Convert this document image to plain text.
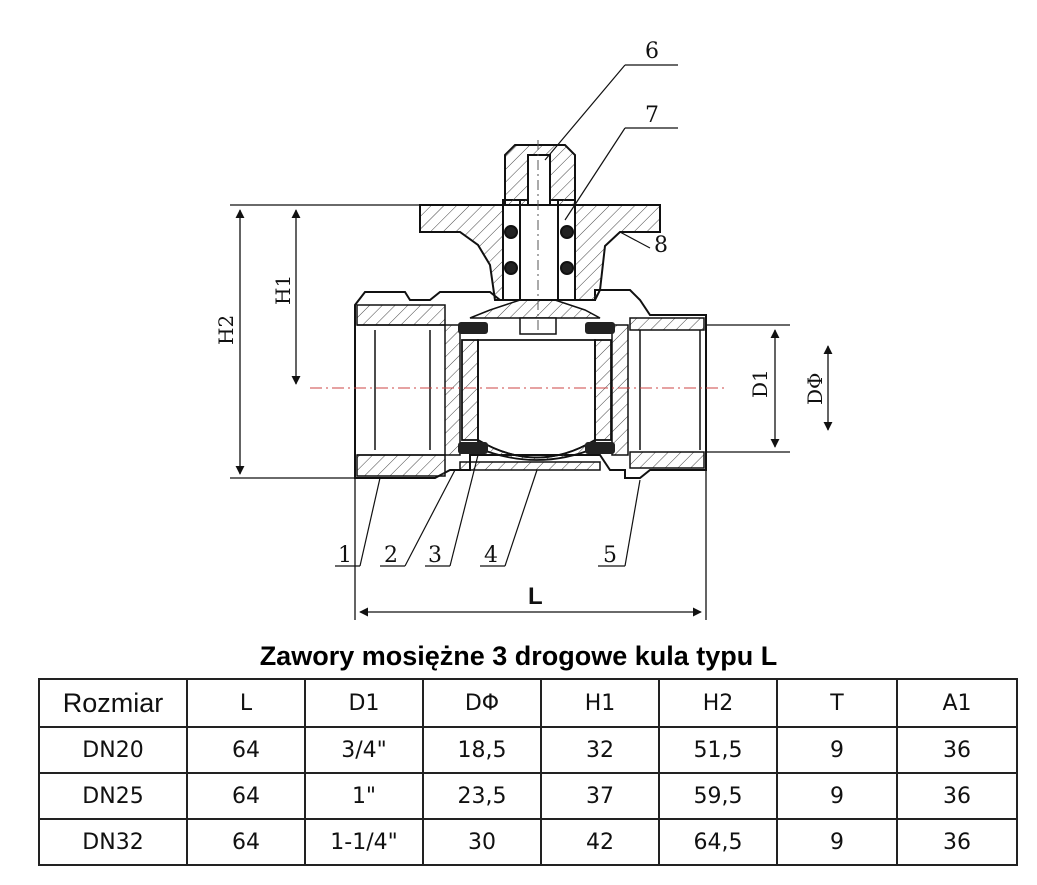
1 2 3 4	5
6
7
8
H2
H1
D1 DΦ
L
Zawory mosiężne 3 drogowe kula typu L
Rozmiar	L	D1	DΦ	H1	H2	T	A1
DN20	64	3/4"	18,5	32	51,5	9	36
DN25	64	1"	23,5	37	59,5	9	36
DN32	64	1-1/4"	30	42	64,5	9	36
